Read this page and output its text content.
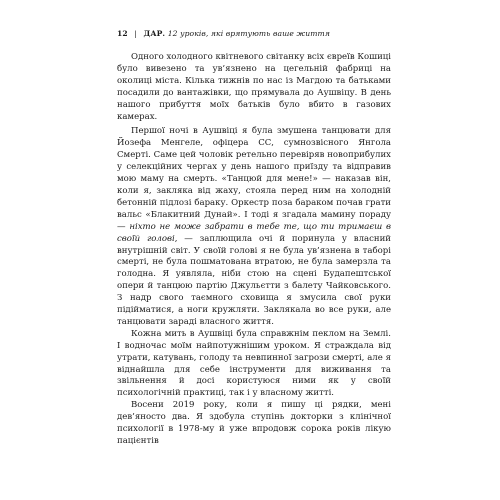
12 | ДАР. 12 уроків, які врятують ваше життя

Одного холодного квітневого світанку всіх євреїв Кошиці було вивезено та ув’язнено на цегельній фабриці на околиці міста. Кілька тижнів по нас із Магдою та батьками посадили до вантажівки, що прямувала до Аушвіцу. В день нашого прибуття моїх батьків було вбито в газових камерах.

Першої ночі в Аушвіці я була змушена танцювати для Йозефа Менгеле, офіцера СС, сумнозвісного Янгола Смерті. Саме цей чоловік ретельно перевіряв новоприбулих у селекційних чергах у день нашого приїзду та відправив мою маму на смерть. «Танцюй для мене!» — наказав він, коли я, закляка від жаху, стояла перед ним на холодній бетонній підлозі бараку. Оркестр поза бараком почав грати вальс «Блакитний Дунай». І тоді я згадала мамину пораду — ніхто не може забрати в тебе те, що ти тримаєш в своїй голові, — заплющила очі й поринула у власний внутрішній світ. У своїй голові я не була ув’язнена в таборі смерті, не була пошматована втратою, не була замерзла та голодна. Я уявляла, ніби стою на сцені Будапештської опери й танцюю партію Джульєтти з балету Чайковського. З надр свого таємного сховища я змусила свої руки підійматися, а ноги кружляти. Заклякала во все руки, але танцювати зараді власного життя.

Кожна мить в Аушвіці була справжнім пеклом на Землі. І водночас моїм найпотужнішим уроком. Я страждала від утрати, катувань, голоду та невпинної загрози смерті, але я віднайшла для себе інструменти для виживання та звільнення й досі користуюся ними як у своїй психологічній практиці, так і у власному житті.

Восени 2019 року, коли я пишу ці рядки, мені дев’яносто два. Я здобула ступінь докторки з клінічної психології в 1978-му й уже впродовж сорока років лікую пацієнтів
